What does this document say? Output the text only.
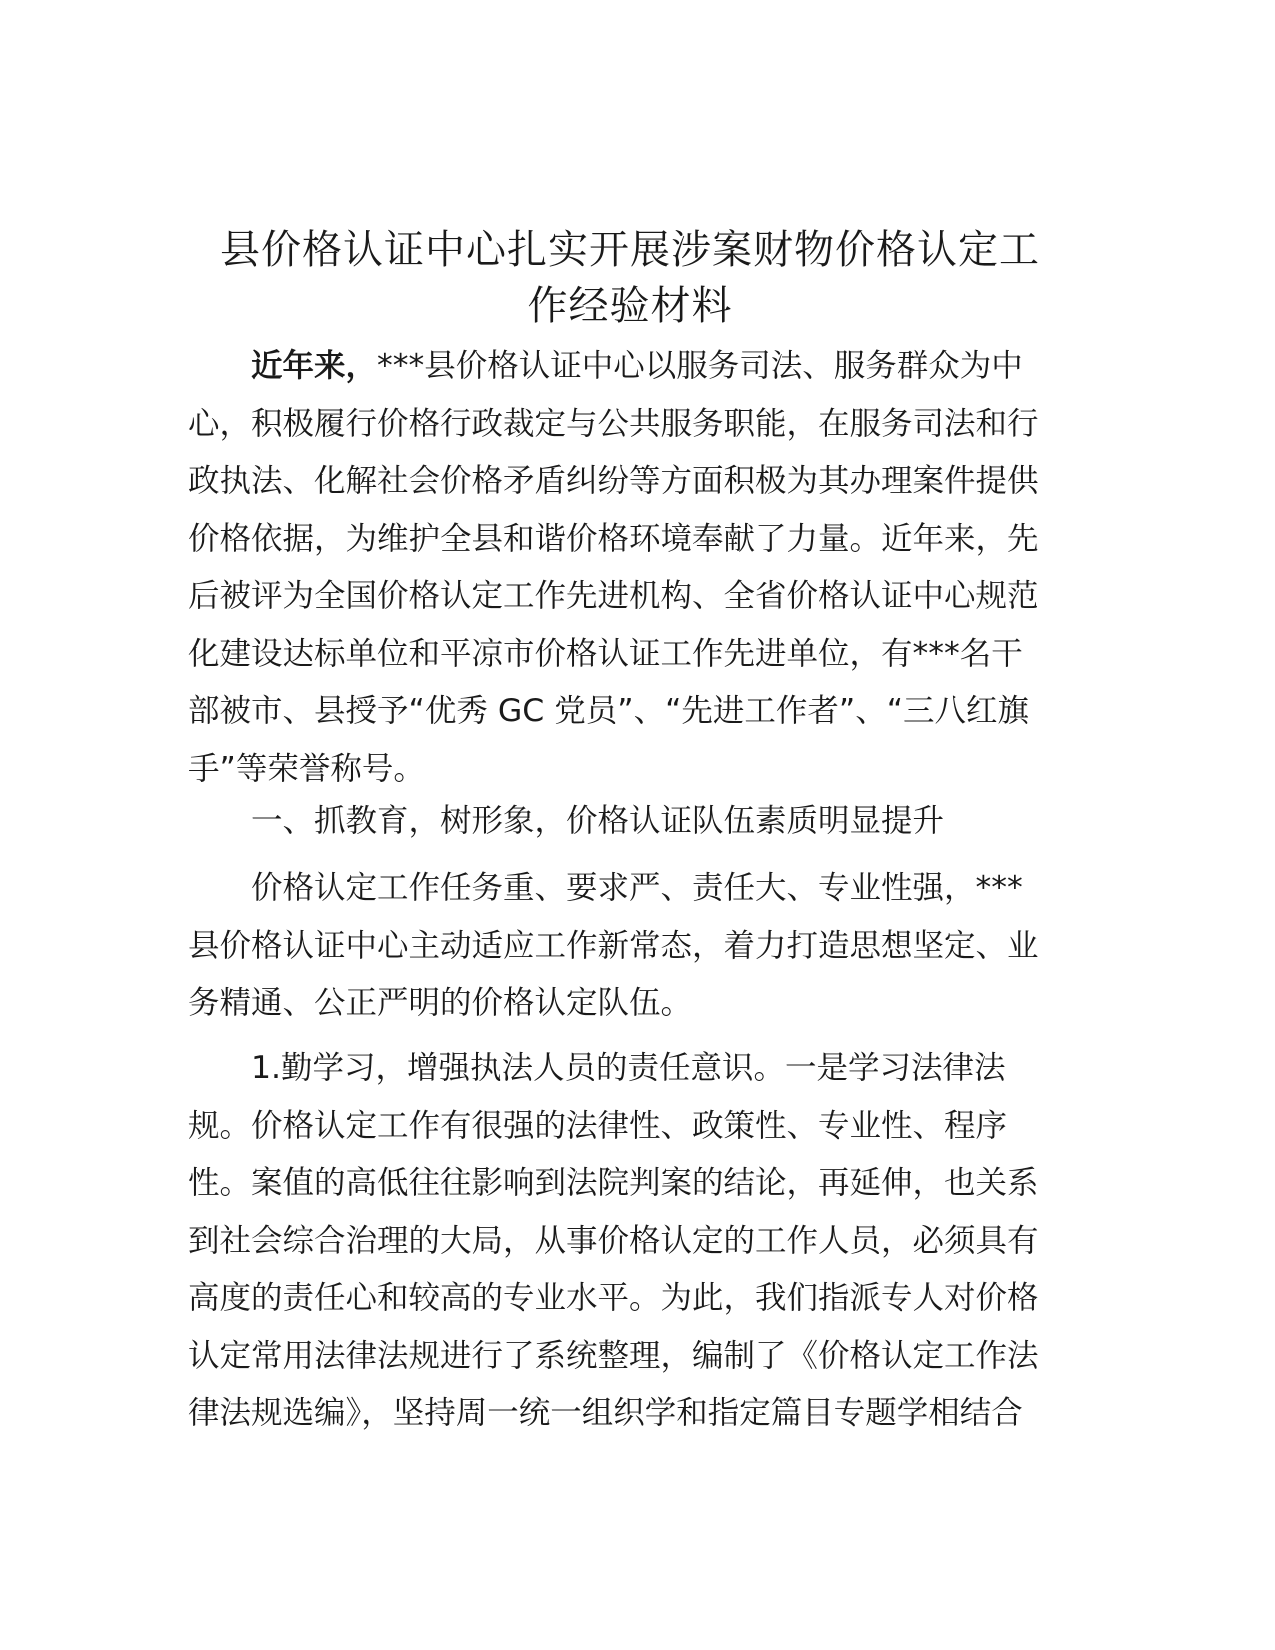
县价格认证中心扎实开展涉案财物价格认定工
作经验材料
近年来，***县价格认证中心以服务司法、服务群众为中
心，积极履行价格行政裁定与公共服务职能，在服务司法和行
政执法、化解社会价格矛盾纠纷等方面积极为其办理案件提供
价格依据，为维护全县和谐价格环境奉献了力量。近年来，先
后被评为全国价格认定工作先进机构、全省价格认证中心规范
化建设达标单位和平凉市价格认证工作先进单位，有***名干
部被市、县授予“优秀 GC 党员”、“先进工作者”、“三八红旗
手”等荣誉称号。
一、抓教育，树形象，价格认证队伍素质明显提升
价格认定工作任务重、要求严、责任大、专业性强，***
县价格认证中心主动适应工作新常态，着力打造思想坚定、业
务精通、公正严明的价格认定队伍。
1.勤学习，增强执法人员的责任意识。一是学习法律法
规。价格认定工作有很强的法律性、政策性、专业性、程序
性。案值的高低往往影响到法院判案的结论，再延伸，也关系
到社会综合治理的大局，从事价格认定的工作人员，必须具有
高度的责任心和较高的专业水平。为此，我们指派专人对价格
认定常用法律法规进行了系统整理，编制了《价格认定工作法
律法规选编》，坚持周一统一组织学和指定篇目专题学相结合
